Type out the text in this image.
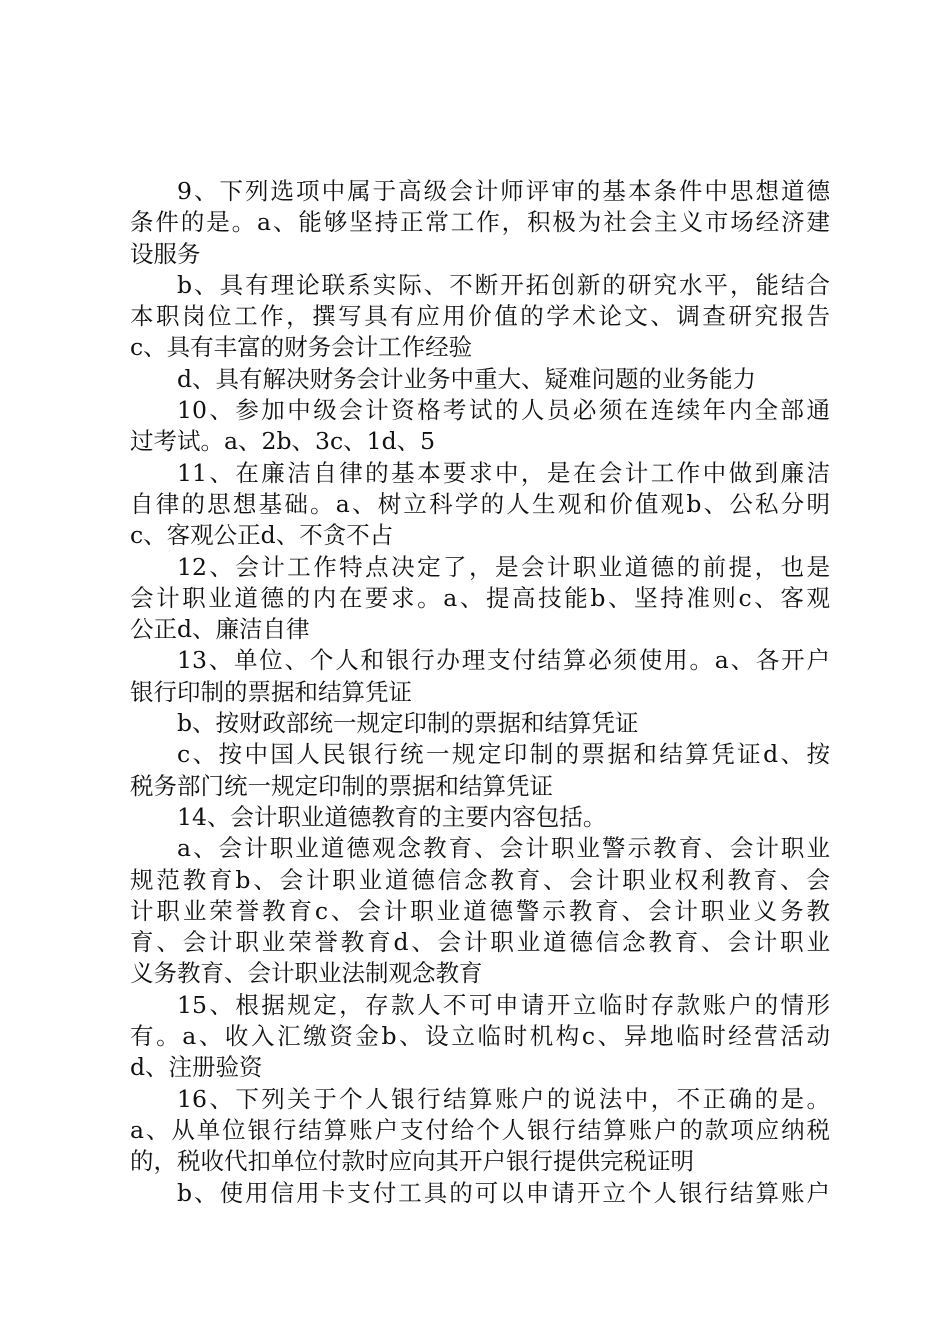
9、下列选项中属于高级会计师评审的基本条件中思想道德
条件的是。a、能够坚持正常工作，积极为社会主义市场经济建
设服务
b、具有理论联系实际、不断开拓创新的研究水平，能结合
本职岗位工作，撰写具有应用价值的学术论文、调查研究报告
c、具有丰富的财务会计工作经验
d、具有解决财务会计业务中重大、疑难问题的业务能力
10、参加中级会计资格考试的人员必须在连续年内全部通
过考试。a、2b、3c、1d、5
11、在廉洁自律的基本要求中，是在会计工作中做到廉洁
自律的思想基础。a、树立科学的人生观和价值观b、公私分明
c、客观公正d、不贪不占
12、会计工作特点决定了，是会计职业道德的前提，也是
会计职业道德的内在要求。a、提高技能b、坚持准则c、客观
公正d、廉洁自律
13、单位、个人和银行办理支付结算必须使用。a、各开户
银行印制的票据和结算凭证
b、按财政部统一规定印制的票据和结算凭证
c、按中国人民银行统一规定印制的票据和结算凭证d、按
税务部门统一规定印制的票据和结算凭证
14、会计职业道德教育的主要内容包括。
a、会计职业道德观念教育、会计职业警示教育、会计职业
规范教育b、会计职业道德信念教育、会计职业权利教育、会
计职业荣誉教育c、会计职业道德警示教育、会计职业义务教
育、会计职业荣誉教育d、会计职业道德信念教育、会计职业
义务教育、会计职业法制观念教育
15、根据规定，存款人不可申请开立临时存款账户的情形
有。a、收入汇缴资金b、设立临时机构c、异地临时经营活动
d、注册验资
16、下列关于个人银行结算账户的说法中，不正确的是。
a、从单位银行结算账户支付给个人银行结算账户的款项应纳税
的，税收代扣单位付款时应向其开户银行提供完税证明
b、使用信用卡支付工具的可以申请开立个人银行结算账户
